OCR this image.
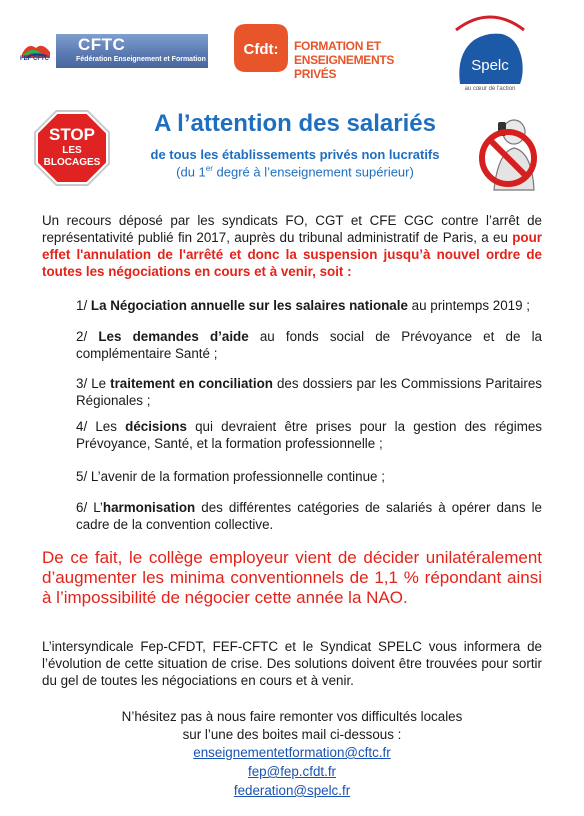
FEF CFTC
CFTC
Fédération Enseignement et Formation
Cfdt: FORMATION ET
ENSEIGNEMENTS PRIVÉS	Spelc
au cœur de l'action
STOP
LES
BLOCAGES
A l’attention des salariés
de tous les établissements privés non lucratifs
(du 1er degré à l’enseignement supérieur)
Un recours déposé par les syndicats FO, CGT et CFE CGC contre l’arrêt de représentativité publié fin 2017, auprès du tribunal administratif de Paris, a eu pour effet l'annulation de l'arrêté et donc la suspension jusqu’à nouvel ordre de toutes les négociations en cours et à venir, soit :
1/ La Négociation annuelle sur les salaires nationale au printemps 2019 ;
2/ Les demandes d’aide au fonds social de Prévoyance et de la complémentaire Santé ;
3/ Le traitement en conciliation des dossiers par les Commissions Paritaires Régionales ;
4/ Les décisions qui devraient être prises pour la gestion des régimes Prévoyance, Santé, et la formation professionnelle ;
5/ L’avenir de la formation professionnelle continue ;
6/ L’harmonisation des différentes catégories de salariés à opérer dans le cadre de la convention collective.
De ce fait, le collège employeur vient de décider unilatéralement d’augmenter les minima conventionnels de 1,1 % répondant ainsi à l’impossibilité de négocier cette année la NAO.
L’intersyndicale Fep-CFDT, FEF-CFTC et le Syndicat SPELC vous informera de l’évolution de cette situation de crise. Des solutions doivent être trouvées pour sortir du gel de toutes les négociations en cours et à venir.
N’hésitez pas à nous faire remonter vos difficultés locales
sur l’une des boites mail ci-dessous :
enseignementetformation@cftc.fr
fep@fep.cfdt.fr
federation@spelc.fr
